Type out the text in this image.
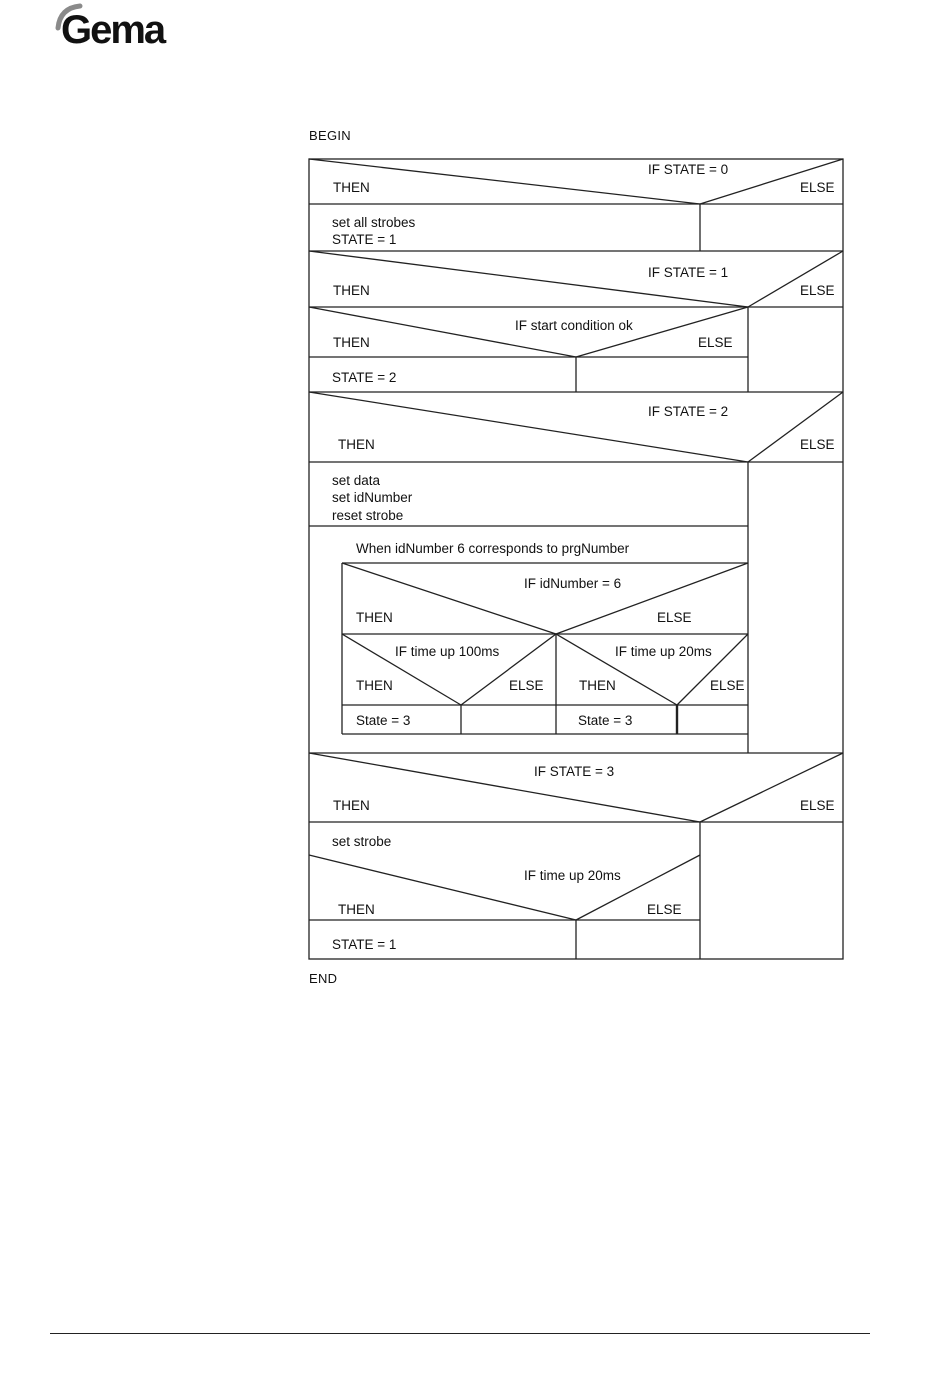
Gema
BEGIN
IF STATE = 0
THEN	ELSE
set all strobes
STATE = 1
IF STATE = 1
THEN	ELSE
IF start condition ok
THEN	ELSE
STATE = 2
IF STATE = 2
THEN	ELSE
set data
set idNumber
reset strobe
When idNumber 6 corresponds to prgNumber
IF idNumber = 6
THEN	ELSE
IF time up 100ms
THEN	ELSE
State = 3
IF time up 20ms
THEN	ELSE
State = 3
IF STATE = 3
THEN	ELSE
set strobe
IF time up 20ms
THEN	ELSE
STATE = 1
END
